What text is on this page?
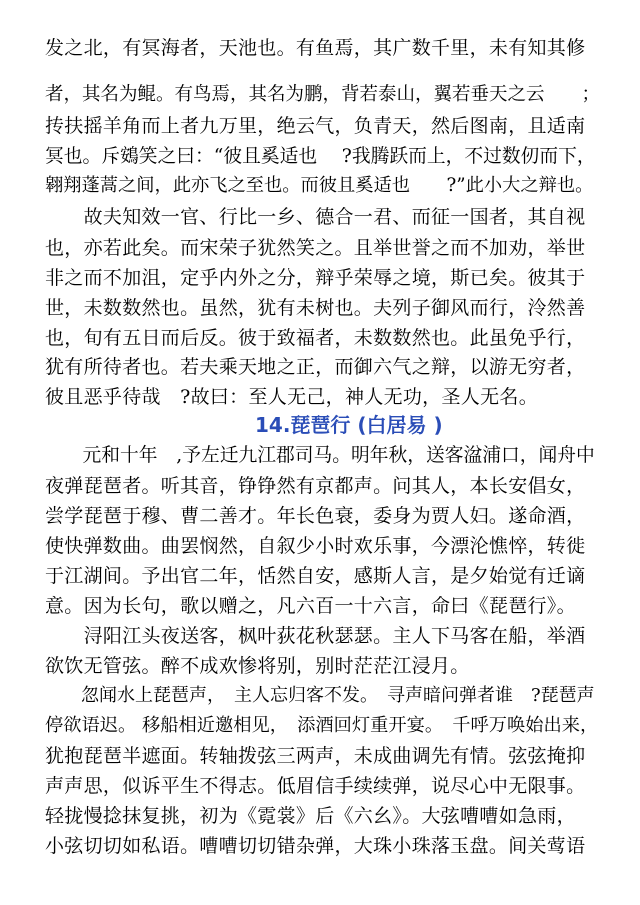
发之北，有冥海者，天池也。有鱼焉，其广数千里，未有知其修
者，其名为鲲。有鸟焉，其名为鹏，背若泰山，翼若垂天之云　　；
抟扶摇羊角而上者九万里，绝云气，负青天，然后图南，且适南
冥也。斥鴳笑之曰：“彼且奚适也　 ?我腾跃而上，不过数仞而下，
翱翔蓬蒿之间，此亦飞之至也。而彼且奚适也　　?”此小大之辩也。
　　故夫知效一官、行比一乡、德合一君、而征一国者，其自视
也，亦若此矣。而宋荣子犹然笑之。且举世誉之而不加劝，举世
非之而不加沮，定乎内外之分，辩乎荣辱之境，斯已矣。彼其于
世，未数数然也。虽然，犹有未树也。夫列子御风而行，泠然善
也，旬有五日而后反。彼于致福者，未数数然也。此虽免乎行，
犹有所待者也。若夫乘天地之正，而御六气之辩，以游无穷者，
彼且恶乎待哉　?故曰：至人无己，神人无功，圣人无名。
14.琵琶行 (白居易 )
　　元和十年　,予左迁九江郡司马。明年秋，送客湓浦口，闻舟中
夜弹琵琶者。听其音，铮铮然有京都声。问其人，本长安倡女，
尝学琵琶于穆、曹二善才。年长色衰，委身为贾人妇。遂命酒，
使快弹数曲。曲罢悯然，自叙少小时欢乐事，今漂沦憔悴，转徙
于江湖间。予出官二年，恬然自安，感斯人言，是夕始觉有迁谪
意。因为长句，歌以赠之，凡六百一十六言，命曰《琵琶行》。
　　浔阳江头夜送客，枫叶荻花秋瑟瑟。主人下马客在船，举酒
欲饮无管弦。醉不成欢惨将别，别时茫茫江浸月。
　　忽闻水上琵琶声，　主人忘归客不发。　寻声暗问弹者谁　?琵琶声
停欲语迟。 移船相近邀相见，　添酒回灯重开宴。　千呼万唤始出来，
犹抱琵琶半遮面。转轴拨弦三两声，未成曲调先有情。弦弦掩抑
声声思，似诉平生不得志。低眉信手续续弹，说尽心中无限事。
轻拢慢捻抹复挑，初为《霓裳》后《六幺》。大弦嘈嘈如急雨，
小弦切切如私语。嘈嘈切切错杂弹，大珠小珠落玉盘。间关莺语
